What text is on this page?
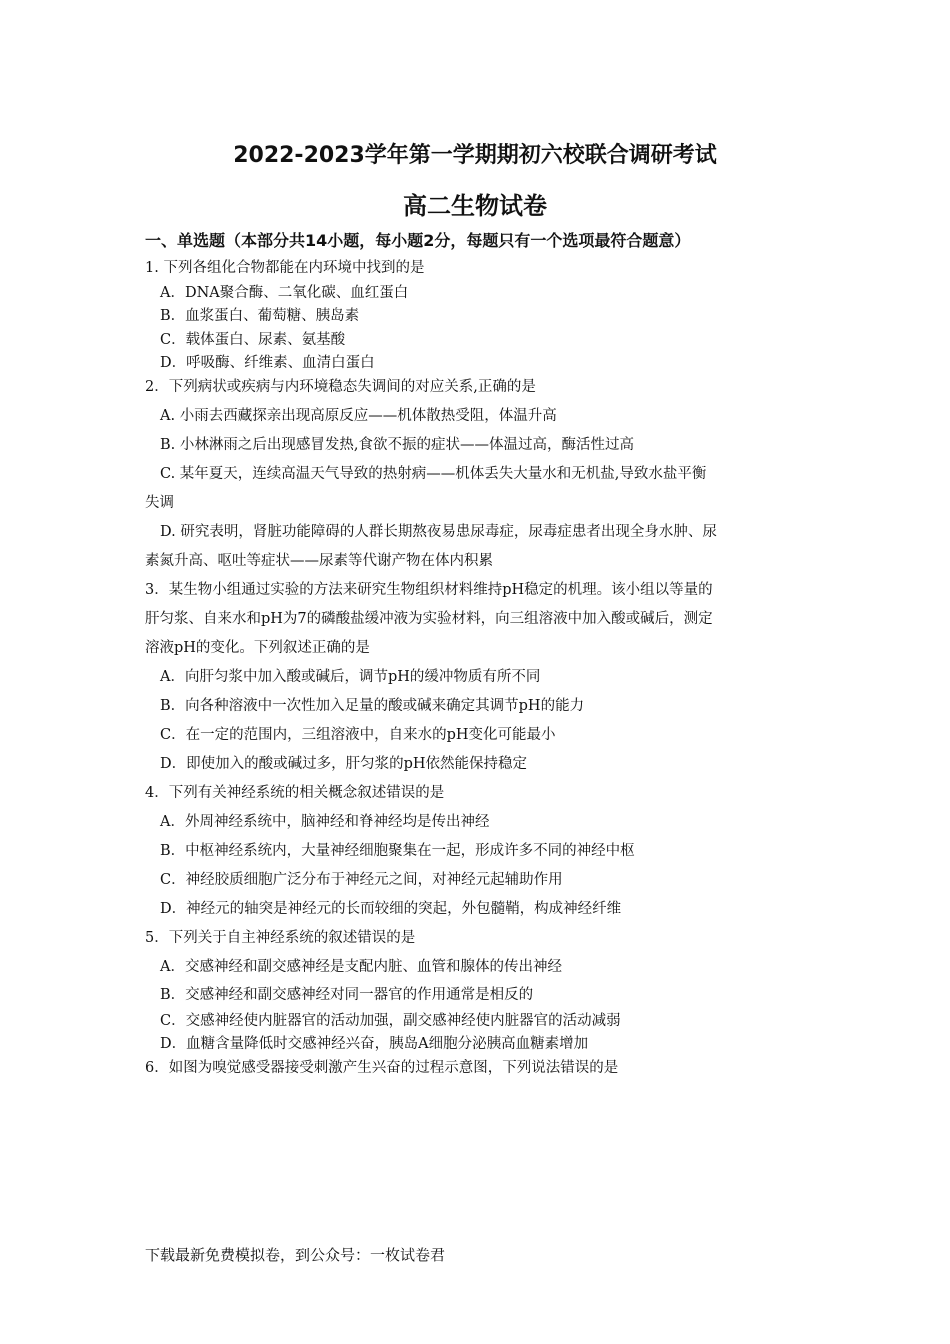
2022-2023学年第一学期期初六校联合调研考试
高二生物试卷
一、单选题（本部分共14小题，每小题2分，每题只有一个选项最符合题意）
1. 下列各组化合物都能在内环境中找到的是
A．DNA聚合酶、二氧化碳、血红蛋白
B．血浆蛋白、葡萄糖、胰岛素
C．载体蛋白、尿素、氨基酸
D．呼吸酶、纤维素、血清白蛋白
2．下列病状或疾病与内环境稳态失调间的对应关系,正确的是
A. 小雨去西藏探亲出现高原反应——机体散热受阻，体温升高
B. 小林淋雨之后出现感冒发热,食欲不振的症状——体温过高，酶活性过高
C. 某年夏天，连续高温天气导致的热射病——机体丢失大量水和无机盐,导致水盐平衡
失调
D. 研究表明，肾脏功能障碍的人群长期熬夜易患尿毒症，尿毒症患者出现全身水肿、尿
素氮升高、呕吐等症状——尿素等代谢产物在体内积累
3．某生物小组通过实验的方法来研究生物组织材料维持pH稳定的机理。该小组以等量的
肝匀浆、自来水和pH为7的磷酸盐缓冲液为实验材料，向三组溶液中加入酸或碱后，测定
溶液pH的变化。下列叙述正确的是
A．向肝匀浆中加入酸或碱后，调节pH的缓冲物质有所不同
B．向各种溶液中一次性加入足量的酸或碱来确定其调节pH的能力
C．在一定的范围内，三组溶液中，自来水的pH变化可能最小
D．即使加入的酸或碱过多，肝匀浆的pH依然能保持稳定
4．下列有关神经系统的相关概念叙述错误的是
A．外周神经系统中，脑神经和脊神经均是传出神经
B．中枢神经系统内，大量神经细胞聚集在一起，形成许多不同的神经中枢
C．神经胶质细胞广泛分布于神经元之间，对神经元起辅助作用
D．神经元的轴突是神经元的长而较细的突起，外包髓鞘，构成神经纤维
5．下列关于自主神经系统的叙述错误的是
A．交感神经和副交感神经是支配内脏、血管和腺体的传出神经
B．交感神经和副交感神经对同一器官的作用通常是相反的
C．交感神经使内脏器官的活动加强，副交感神经使内脏器官的活动减弱
D．血糖含量降低时交感神经兴奋，胰岛A细胞分泌胰高血糖素增加
6．如图为嗅觉感受器接受刺激产生兴奋的过程示意图，下列说法错误的是
下载最新免费模拟卷，到公众号：一枚试卷君
